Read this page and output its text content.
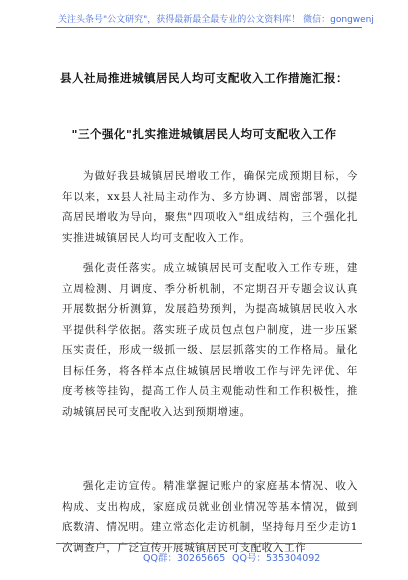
关注头条号"公文研究"，获得最新最全最专业的公文资料库！ 微信：gongwenj
县人社局推进城镇居民人均可支配收入工作措施汇报：
"三个强化"扎实推进城镇居民人均可支配收入工作

为做好我县城镇居民增收工作，确保完成预期目标，今年以来，xx县人社局主动作为、多方协调、周密部署，以提高居民增收为导向，聚焦"四项收入"组成结构，三个强化扎实推进城镇居民人均可支配收入工作。

强化责任落实。成立城镇居民可支配收入工作专班，建立周检测、月调度、季分析机制，不定期召开专题会议认真开展数据分析测算，发展趋势预判，为提高城镇居民收入水平提供科学依据。落实班子成员包点包户制度，进一步压紧压实责任，形成一级抓一级、层层抓落实的工作格局。量化目标任务，将各样本点住城镇居民增收工作与评先评优、年度考核等挂钩，提高工作人员主观能动性和工作积极性，推动城镇居民可支配收入达到预期增速。

强化走访宣传。精准掌握记账户的家庭基本情况、收入构成、支出构成，家庭成员就业创业情况等基本情况，做到底数清、情况明。建立常态化走访机制，坚持每月至少走访1次调查户，广泛宣传开展城镇居民可支配收入工作

QQ群：30265665 QQ号：535304092
